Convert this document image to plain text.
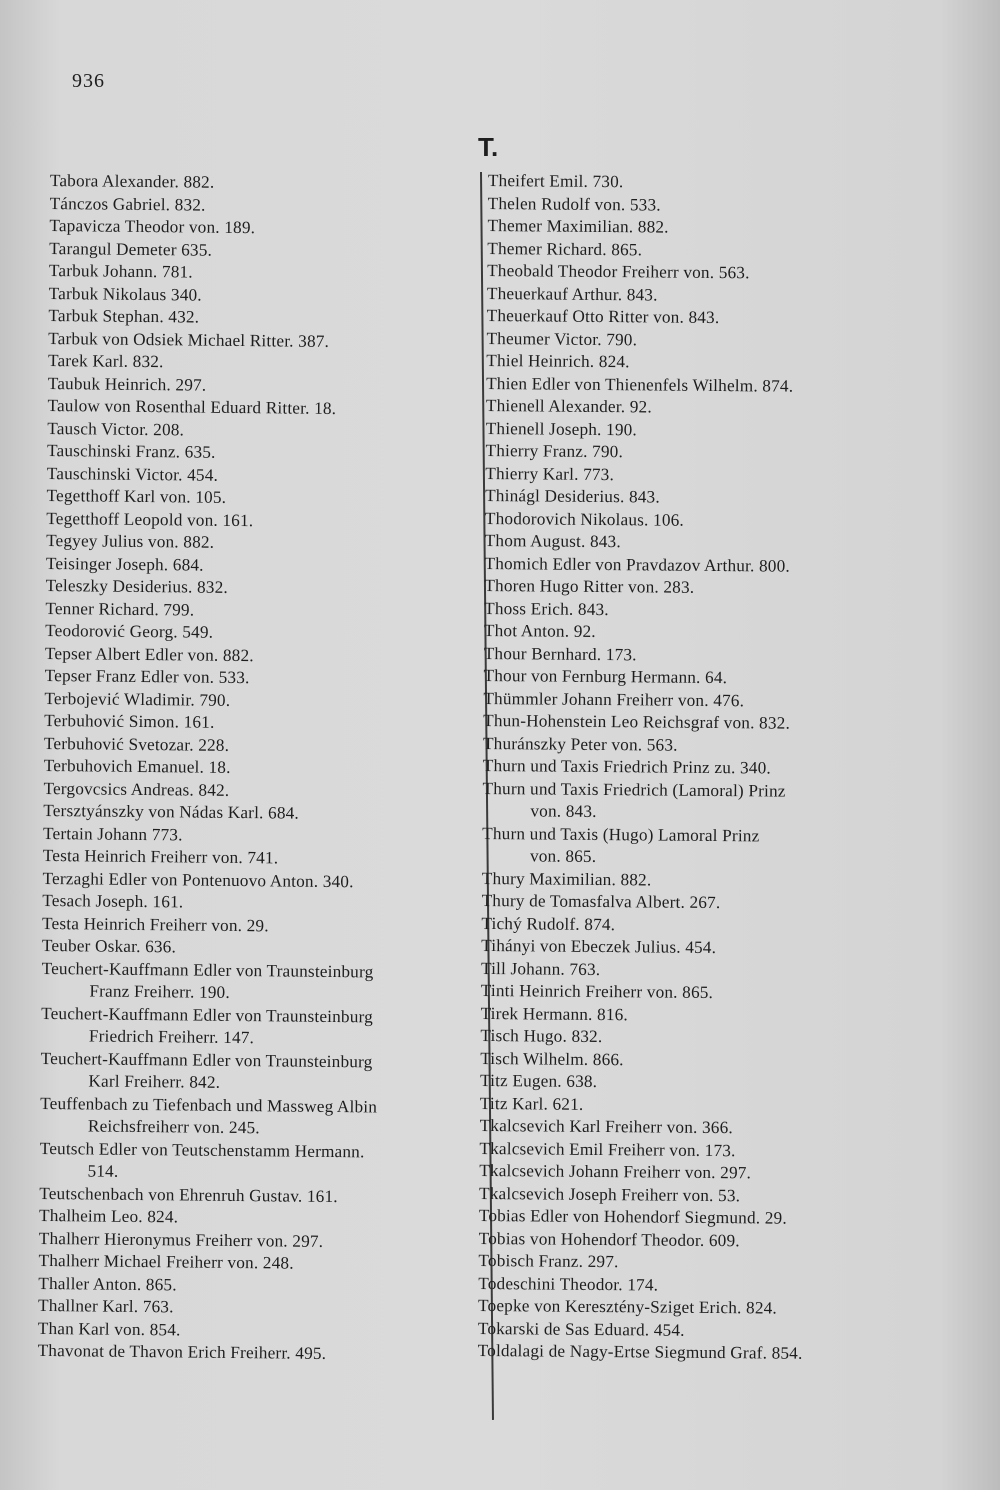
936
T.
Tabora Alexander. 882.
Tánczos Gabriel. 832.
Tapavicza Theodor von. 189.
Tarangul Demeter 635.
Tarbuk Johann. 781.
Tarbuk Nikolaus 340.
Tarbuk Stephan. 432.
Tarbuk von Odsiek Michael Ritter. 387.
Tarek Karl. 832.
Taubuk Heinrich. 297.
Taulow von Rosenthal Eduard Ritter. 18.
Tausch Victor. 208.
Tauschinski Franz. 635.
Tauschinski Victor. 454.
Tegetthoff Karl von. 105.
Tegetthoff Leopold von. 161.
Tegyey Julius von. 882.
Teisinger Joseph. 684.
Teleszky Desiderius. 832.
Tenner Richard. 799.
Teodorović Georg. 549.
Tepser Albert Edler von. 882.
Tepser Franz Edler von. 533.
Terbojević Wladimir. 790.
Terbuhović Simon. 161.
Terbuhović Svetozar. 228.
Terbuhovich Emanuel. 18.
Tergovcsics Andreas. 842.
Tersztyánszky von Nádas Karl. 684.
Tertain Johann 773.
Testa Heinrich Freiherr von. 741.
Terzaghi Edler von Pontenuovo Anton. 340.
Tesach Joseph. 161.
Testa Heinrich Freiherr von. 29.
Teuber Oskar. 636.
Teuchert-Kauffmann Edler von Traunsteinburg
Franz Freiherr. 190.
Teuchert-Kauffmann Edler von Traunsteinburg
Friedrich Freiherr. 147.
Teuchert-Kauffmann Edler von Traunsteinburg
Karl Freiherr. 842.
Teuffenbach zu Tiefenbach und Massweg Albin
Reichsfreiherr von. 245.
Teutsch Edler von Teutschenstamm Hermann.
514.
Teutschenbach von Ehrenruh Gustav. 161.
Thalheim Leo. 824.
Thalherr Hieronymus Freiherr von. 297.
Thalherr Michael Freiherr von. 248.
Thaller Anton. 865.
Thallner Karl. 763.
Than Karl von. 854.
Thavonat de Thavon Erich Freiherr. 495.
Theifert Emil. 730.
Thelen Rudolf von. 533.
Themer Maximilian. 882.
Themer Richard. 865.
Theobald Theodor Freiherr von. 563.
Theuerkauf Arthur. 843.
Theuerkauf Otto Ritter von. 843.
Theumer Victor. 790.
Thiel Heinrich. 824.
Thien Edler von Thienenfels Wilhelm. 874.
Thienell Alexander. 92.
Thienell Joseph. 190.
Thierry Franz. 790.
Thierry Karl. 773.
Thinágl Desiderius. 843.
Thodorovich Nikolaus. 106.
Thom August. 843.
Thomich Edler von Pravdazov Arthur. 800.
Thoren Hugo Ritter von. 283.
Thoss Erich. 843.
Thot Anton. 92.
Thour Bernhard. 173.
Thour von Fernburg Hermann. 64.
Thümmler Johann Freiherr von. 476.
Thun-Hohenstein Leo Reichsgraf von. 832.
Thuránszky Peter von. 563.
Thurn und Taxis Friedrich Prinz zu. 340.
Thurn und Taxis Friedrich (Lamoral) Prinz
von. 843.
Thurn und Taxis (Hugo) Lamoral Prinz
von. 865.
Thury Maximilian. 882.
Thury de Tomasfalva Albert. 267.
Tichý Rudolf. 874.
Tihányi von Ebeczek Julius. 454.
Till Johann. 763.
Tinti Heinrich Freiherr von. 865.
Tirek Hermann. 816.
Tisch Hugo. 832.
Tisch Wilhelm. 866.
Titz Eugen. 638.
Titz Karl. 621.
Tkalcsevich Karl Freiherr von. 366.
Tkalcsevich Emil Freiherr von. 173.
Tkalcsevich Johann Freiherr von. 297.
Tkalcsevich Joseph Freiherr von. 53.
Tobias Edler von Hohendorf Siegmund. 29.
Tobias von Hohendorf Theodor. 609.
Tobisch Franz. 297.
Todeschini Theodor. 174.
Toepke von Keresztény-Sziget Erich. 824.
Tokarski de Sas Eduard. 454.
Toldalagi de Nagy-Ertse Siegmund Graf. 854.
